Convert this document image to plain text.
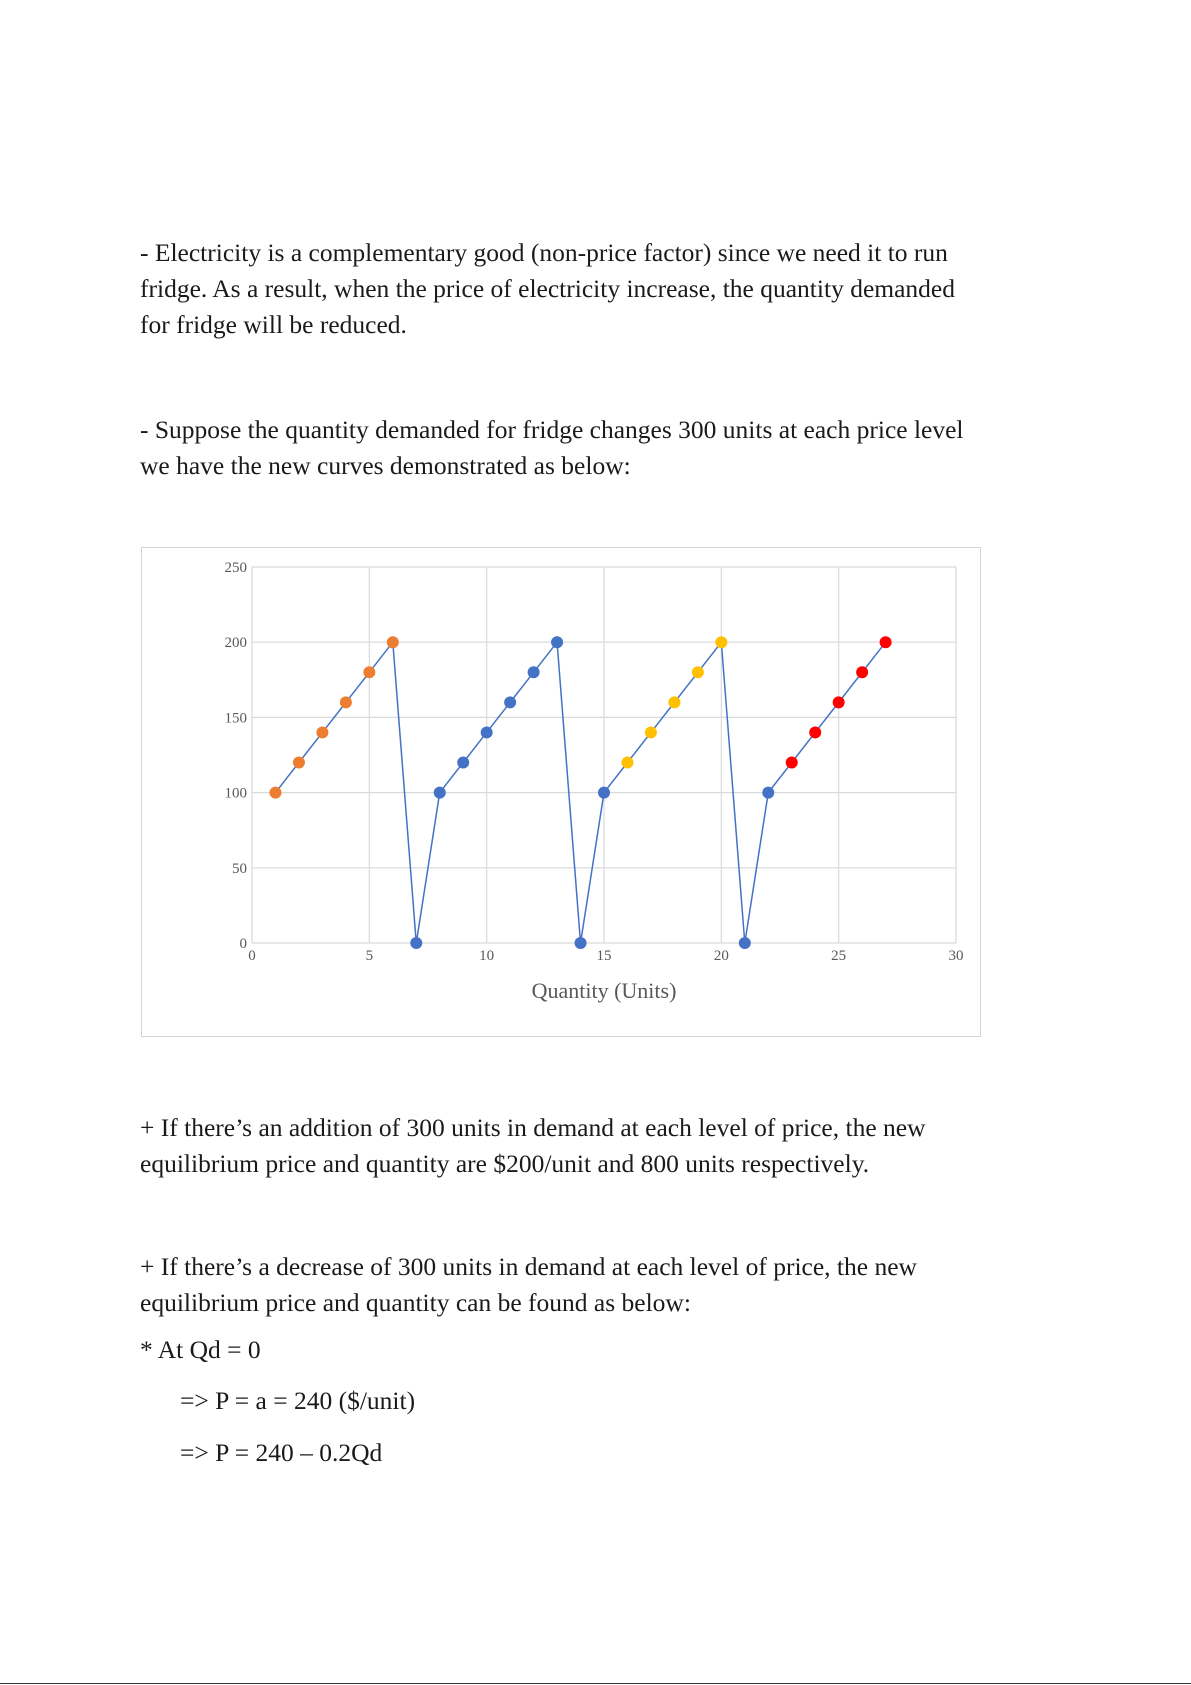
- Electricity is a complementary good (non-price factor) since we need it to run
fridge. As a result, when the price of electricity increase, the quantity demanded
for fridge will be reduced.

- Suppose the quantity demanded for fridge changes 300 units at each price level
we have the new curves demonstrated as below:

0
50
100
150
200
250
0	5	10	15	20	25	30
Quantity (Units)

+ If there’s an addition of 300 units in demand at each level of price, the new
equilibrium price and quantity are $200/unit and 800 units respectively.

+ If there’s a decrease of 300 units in demand at each level of price, the new
equilibrium price and quantity can be found as below:

* At Qd = 0

=> P = a = 240 ($/unit)

=> P = 240 – 0.2Qd
